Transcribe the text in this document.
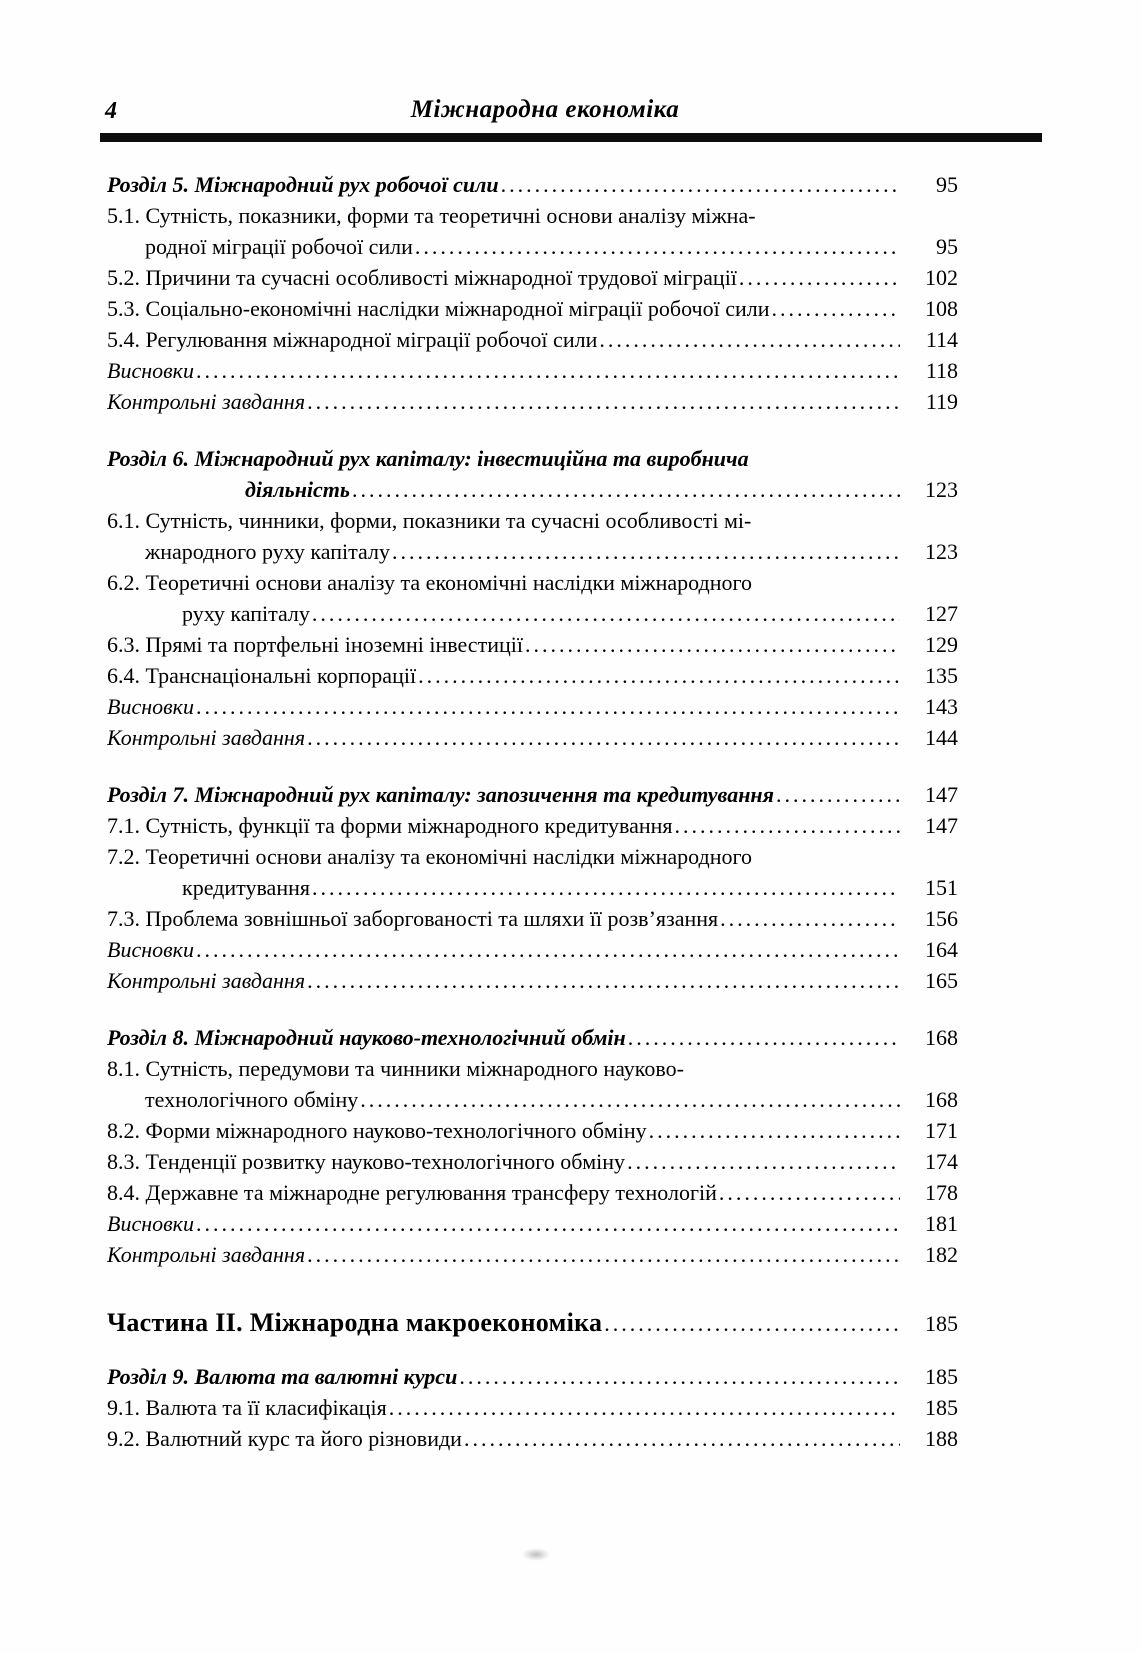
4	Міжнародна економіка
Розділ 5. Міжнародний рух робочої сили .....	95
5.1. Сутність, показники, форми та теоретичні основи аналізу міжна-
родної міграції робочої сили .....	95
5.2. Причини та сучасні особливості міжнародної трудової міграції .....	102
5.3. Соціально-економічні наслідки міжнародної міграції робочої сили .....	108
5.4. Регулювання міжнародної міграції робочої сили .....	114
Висновки .....	118
Контрольні завдання .....	119
Розділ 6. Міжнародний рух капіталу: інвестиційна та виробнича
діяльність .....	123
6.1. Сутність, чинники, форми, показники та сучасні особливості мі-
жнародного руху капіталу .....	123
6.2. Теоретичні основи аналізу та економічні наслідки міжнародного
руху капіталу .....	127
6.3. Прямі та портфельні іноземні інвестиції .....	129
6.4. Транснаціональні корпорації .....	135
Висновки .....	143
Контрольні завдання .....	144
Розділ 7. Міжнародний рух капіталу: запозичення та кредитування .....	147
7.1. Сутність, функції та форми міжнародного кредитування .....	147
7.2. Теоретичні основи аналізу та економічні наслідки міжнародного
кредитування .....	151
7.3. Проблема зовнішньої заборгованості та шляхи її розв’язання .....	156
Висновки .....	164
Контрольні завдання .....	165
Розділ 8. Міжнародний науково-технологічний обмін .....	168
8.1. Сутність, передумови та чинники міжнародного науково-
технологічного обміну .....	168
8.2. Форми міжнародного науково-технологічного обміну .....	171
8.3. Тенденції розвитку науково-технологічного обміну .....	174
8.4. Державне та міжнародне регулювання трансферу технологій .....	178
Висновки .....	181
Контрольні завдання .....	182
Частина II. Міжнародна макроекономіка .....	185
Розділ 9. Валюта та валютні курси .....	185
9.1. Валюта та її класифікація .....	185
9.2. Валютний курс та його різновиди .....	188
